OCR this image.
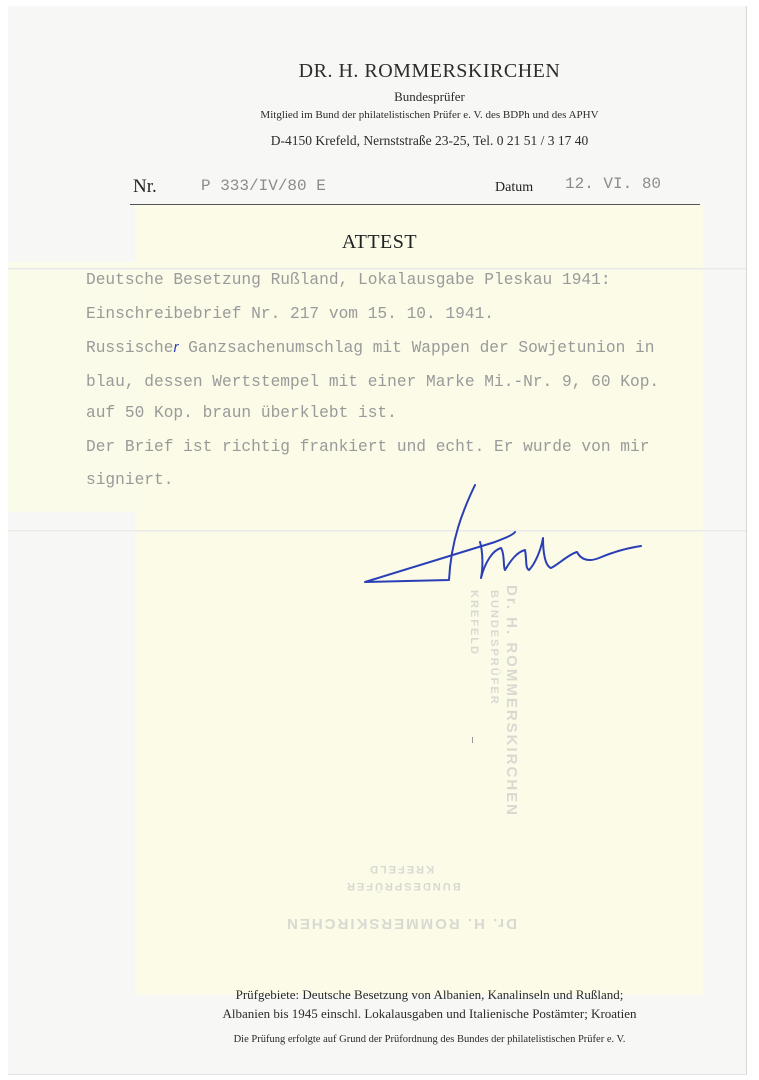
DR. H. ROMMERSKIRCHEN
Bundesprüfer
Mitglied im Bund der philatelistischen Prüfer e. V. des BDPh und des APHV
D-4150 Krefeld, Nernststraße 23-25, Tel. 0 21 51 / 3 17 40
Nr.	P 333/IV/80 E	Datum 12. VI. 80
ATTEST
Deutsche Besetzung Rußland, Lokalausgabe Pleskau 1941:
Einschreibebrief Nr. 217 vom 15. 10. 1941.
Russischer Ganzsachenumschlag mit Wappen der Sowjetunion in
blau, dessen Wertstempel mit einer Marke Mi.-Nr. 9, 60 Kop.
auf 50 Kop. braun überklebt ist.
Der Brief ist richtig frankiert und echt. Er wurde von mir
signiert.
Dr. H. ROMMERSKIRCHEN
BUNDESPRÜFER
KREFELD
Dr. H. ROMMERSKIRCHEN
BUNDESPRÜFER
KREFELD
Prüfgebiete: Deutsche Besetzung von Albanien, Kanalinseln und Rußland;
Albanien bis 1945 einschl. Lokalausgaben und Italienische Postämter; Kroatien
Die Prüfung erfolgte auf Grund der Prüfordnung des Bundes der philatelistischen Prüfer e. V.
